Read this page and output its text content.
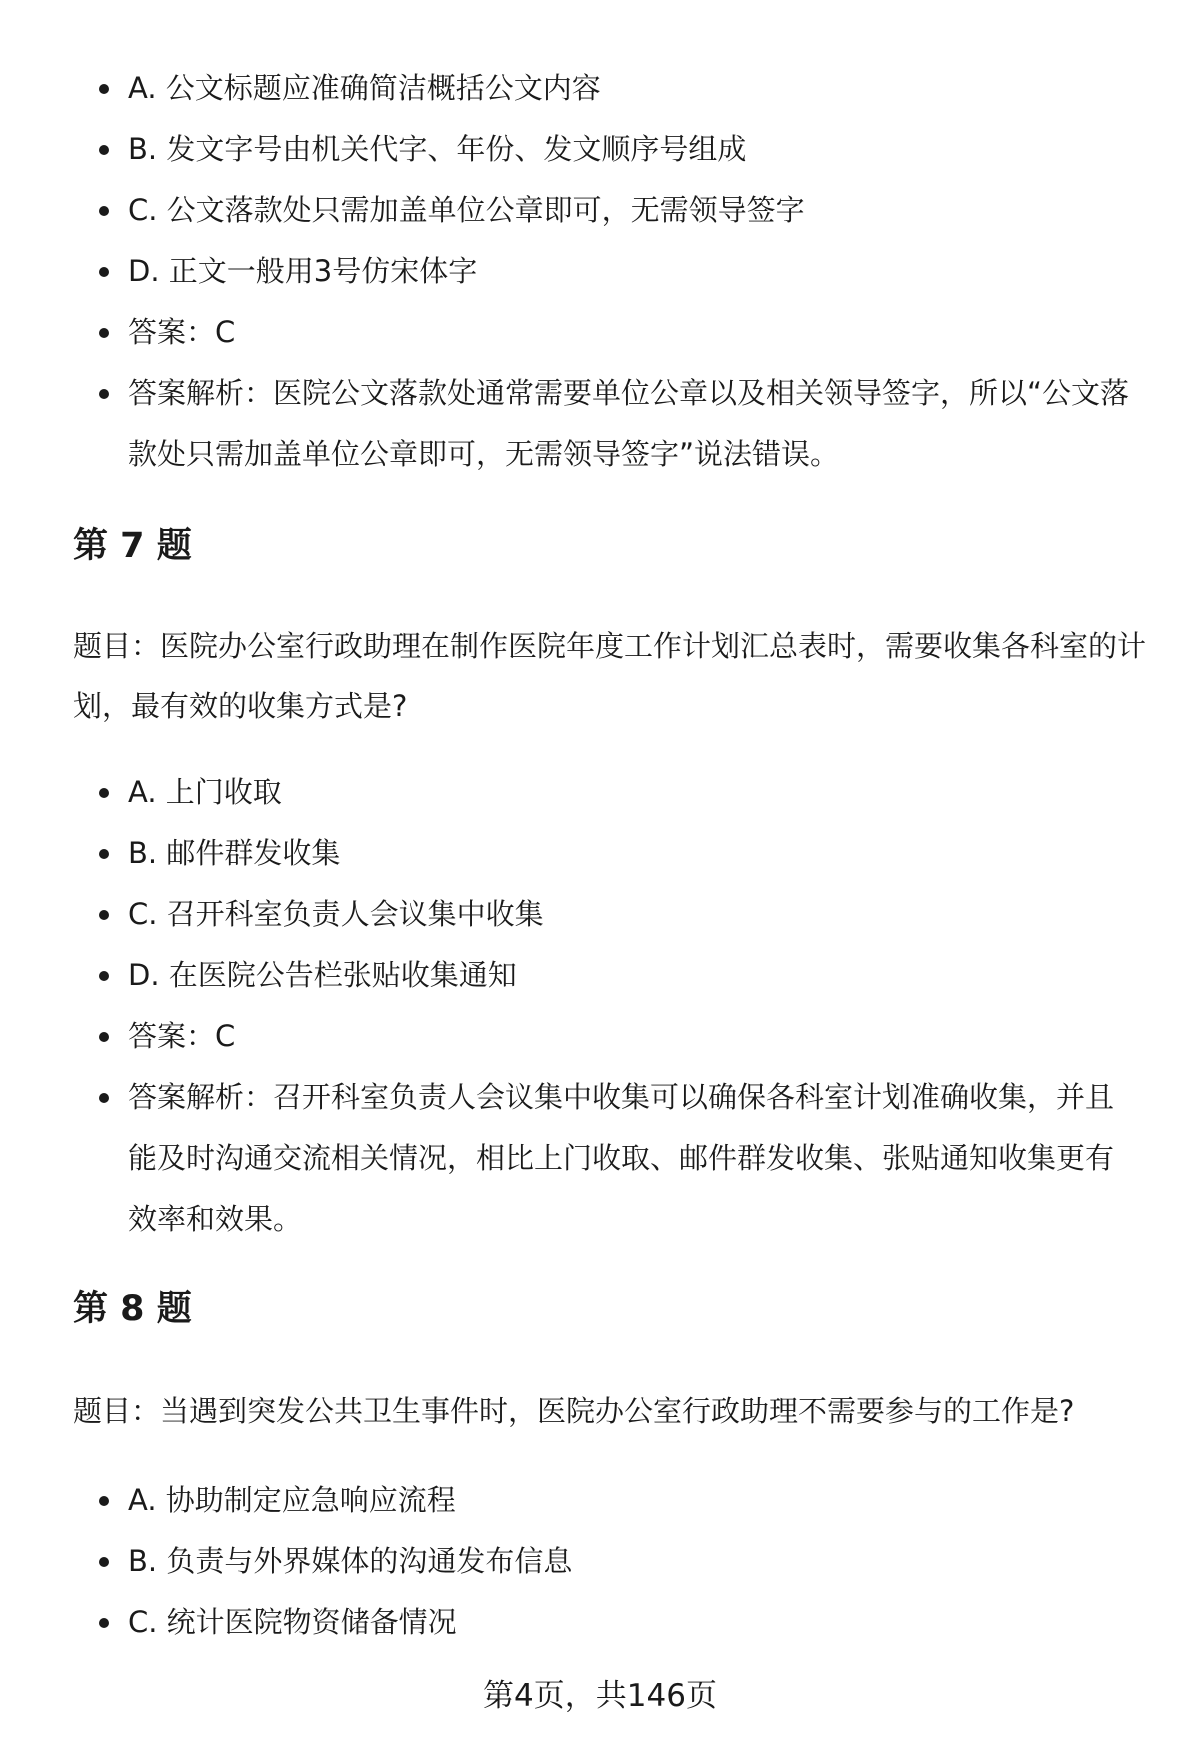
A. 公文标题应准确简洁概括公文内容
B. 发文字号由机关代字、年份、发文顺序号组成
C. 公文落款处只需加盖单位公章即可，无需领导签字
D. 正文一般用3号仿宋体字
答案：C
答案解析：医院公文落款处通常需要单位公章以及相关领导签字，所以“公文落款处只需加盖单位公章即可，无需领导签字”说法错误。
第 7 题
题目：医院办公室行政助理在制作医院年度工作计划汇总表时，需要收集各科室的计划，最有效的收集方式是?
A. 上门收取
B. 邮件群发收集
C. 召开科室负责人会议集中收集
D. 在医院公告栏张贴收集通知
答案：C
答案解析：召开科室负责人会议集中收集可以确保各科室计划准确收集，并且能及时沟通交流相关情况，相比上门收取、邮件群发收集、张贴通知收集更有效率和效果。
第 8 题
题目：当遇到突发公共卫生事件时，医院办公室行政助理不需要参与的工作是?
A. 协助制定应急响应流程
B. 负责与外界媒体的沟通发布信息
C. 统计医院物资储备情况
第4页，共146页
